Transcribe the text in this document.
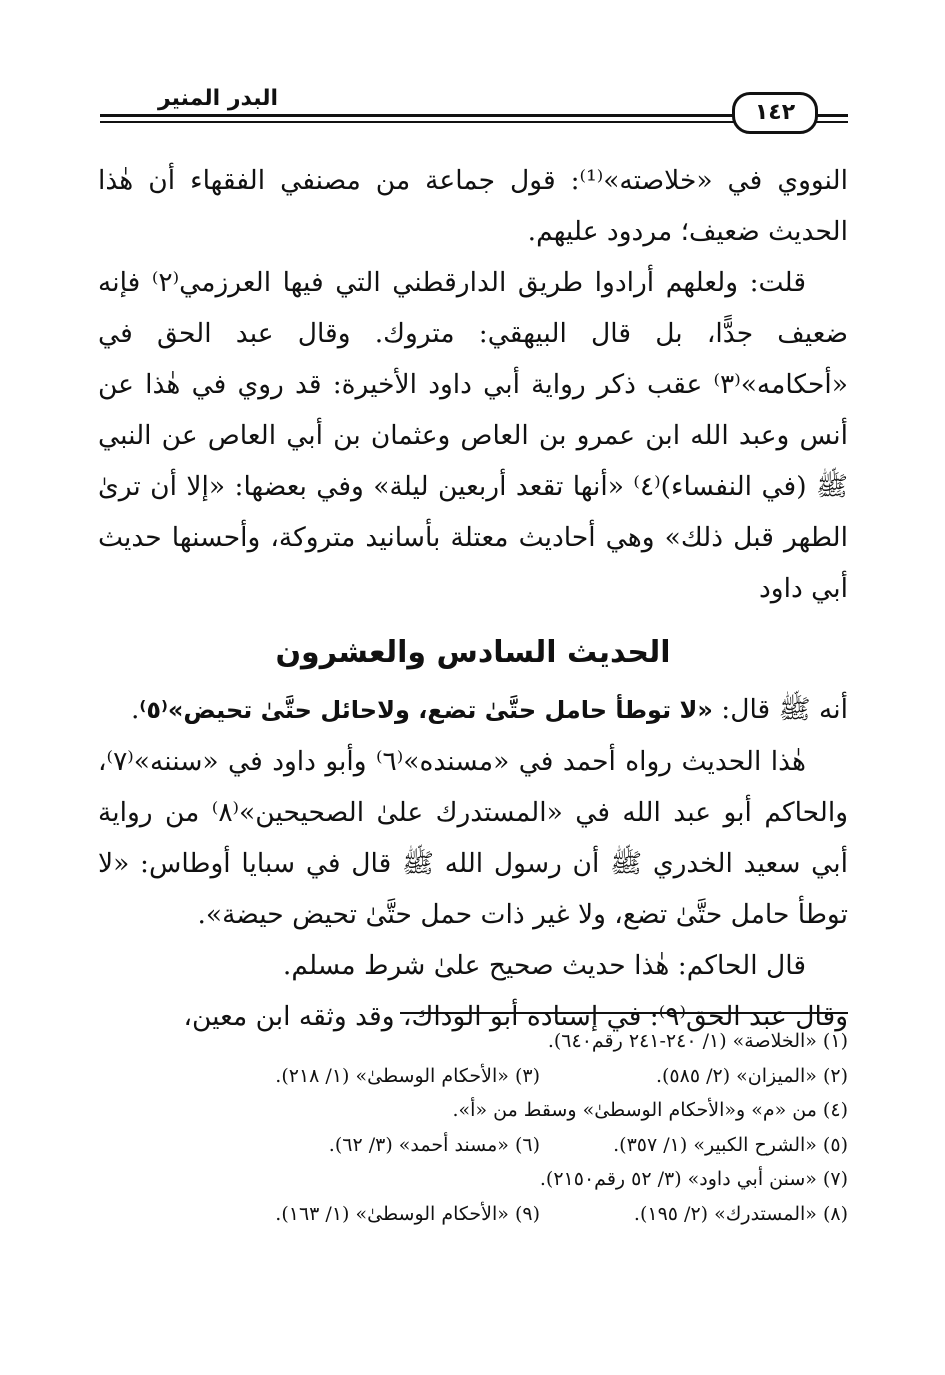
البدر المنير
١٤٢

النووي في «خلاصته»⁽¹⁾: قول جماعة من مصنفي الفقهاء أن هٰذا الحديث ضعيف؛ مردود عليهم.

قلت: ولعلهم أرادوا طريق الدارقطني التي فيها العرزمي⁽٢⁾ فإنه ضعيف جدًّا، بل قال البيهقي: متروك. وقال عبد الحق في «أحكامه»⁽٣⁾ عقب ذكر رواية أبي داود الأخيرة: قد روي في هٰذا عن أنس وعبد الله ابن عمرو بن العاص وعثمان بن أبي العاص عن النبي ﷺ (في النفساء)⁽٤⁾ «أنها تقعد أربعين ليلة» وفي بعضها: «إلا أن ترىٰ الطهر قبل ذلك» وهي أحاديث معتلة بأسانيد متروكة، وأحسنها حديث أبي داود

الحديث السادس والعشرون

أنه ﷺ قال: «لا توطأ حامل حتَّىٰ تضع، ولاحائل حتَّىٰ تحيض»⁽٥⁾.

هٰذا الحديث رواه أحمد في «مسنده»⁽٦⁾ وأبو داود في «سننه»⁽٧⁾، والحاكم أبو عبد الله في «المستدرك علىٰ الصحيحين»⁽٨⁾ من رواية أبي سعيد الخدري ﷺ أن رسول الله ﷺ قال في سبايا أوطاس: «لا توطأ حامل حتَّىٰ تضع، ولا غير ذات حمل حتَّىٰ تحيض حيضة».

قال الحاكم: هٰذا حديث صحيح علىٰ شرط مسلم.

وقال عبد الحق⁽٩⁾: في إسناده أبو الوداك، وقد وثقه ابن معين،

(١) «الخلاصة» (١/ ٢٤٠-٢٤١ رقم٦٤٠).
(٢) «الميزان» (٢/ ٥٨٥).
(٣) «الأحكام الوسطىٰ» (١/ ٢١٨).
(٤) من «م» و«الأحكام الوسطىٰ» وسقط من «أ».
(٥) «الشرح الكبير» (١/ ٣٥٧).
(٦) «مسند أحمد» (٣/ ٦٢).
(٧) «سنن أبي داود» (٣/ ٥٢ رقم٢١٥٠).
(٨) «المستدرك» (٢/ ١٩٥).
(٩) «الأحكام الوسطىٰ» (١/ ١٦٣).
